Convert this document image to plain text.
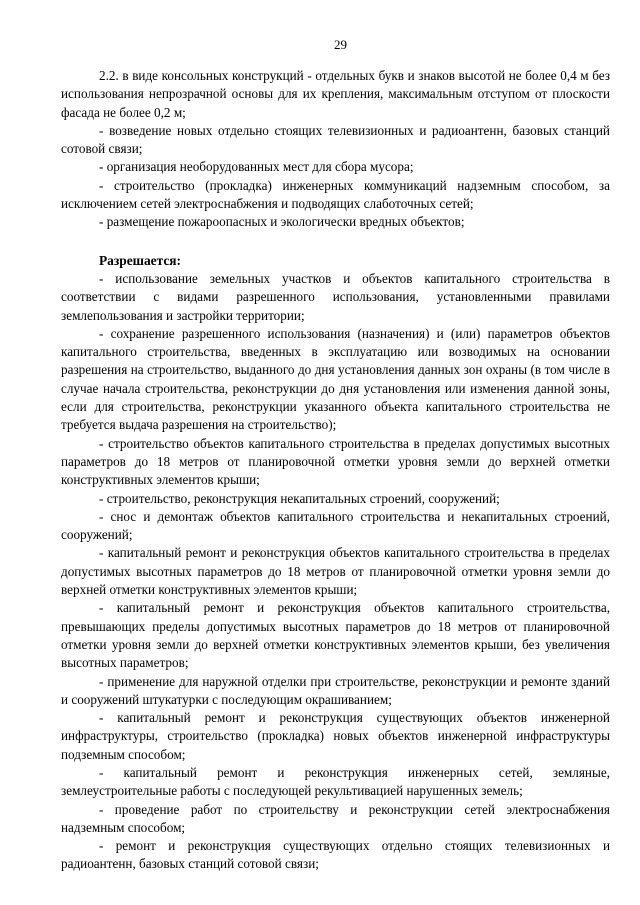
29

2.2. в виде консольных конструкций - отдельных букв и знаков высотой не более 0,4 м без использования непрозрачной основы для их крепления, максимальным отступом от плоскости фасада не более 0,2 м;

- возведение новых отдельно стоящих телевизионных и радиоантенн, базовых станций сотовой связи;

- организация необорудованных мест для сбора мусора;

- строительство (прокладка) инженерных коммуникаций надземным способом, за исключением сетей электроснабжения и подводящих слаботочных сетей;

- размещение пожароопасных и экологически вредных объектов;

Разрешается:

- использование земельных участков и объектов капитального строительства в соответствии с видами разрешенного использования, установленными правилами землепользования и застройки территории;

- сохранение разрешенного использования (назначения) и (или) параметров объектов капитального строительства, введенных в эксплуатацию или возводимых на основании разрешения на строительство, выданного до дня установления данных зон охраны (в том числе в случае начала строительства, реконструкции до дня установления или изменения данной зоны, если для строительства, реконструкции указанного объекта капитального строительства не требуется выдача разрешения на строительство);

- строительство объектов капитального строительства в пределах допустимых высотных параметров до 18 метров от планировочной отметки уровня земли до верхней отметки конструктивных элементов крыши;

- строительство, реконструкция некапитальных строений, сооружений;

- снос и демонтаж объектов капитального строительства и некапитальных строений, сооружений;

- капитальный ремонт и реконструкция объектов капитального строительства в пределах допустимых высотных параметров до 18 метров от планировочной отметки уровня земли до верхней отметки конструктивных элементов крыши;

- капитальный ремонт и реконструкция объектов капитального строительства, превышающих пределы допустимых высотных параметров до 18 метров от планировочной отметки уровня земли до верхней отметки конструктивных элементов крыши, без увеличения высотных параметров;

- применение для наружной отделки при строительстве, реконструкции и ремонте зданий и сооружений штукатурки с последующим окрашиванием;

- капитальный ремонт и реконструкция существующих объектов инженерной инфраструктуры, строительство (прокладка) новых объектов инженерной инфраструктуры подземным способом;

- капитальный ремонт и реконструкция инженерных сетей, земляные, землеустроительные работы с последующей рекультивацией нарушенных земель;

- проведение работ по строительству и реконструкции сетей электроснабжения надземным способом;

- ремонт и реконструкция существующих отдельно стоящих телевизионных и радиоантенн, базовых станций сотовой связи;
